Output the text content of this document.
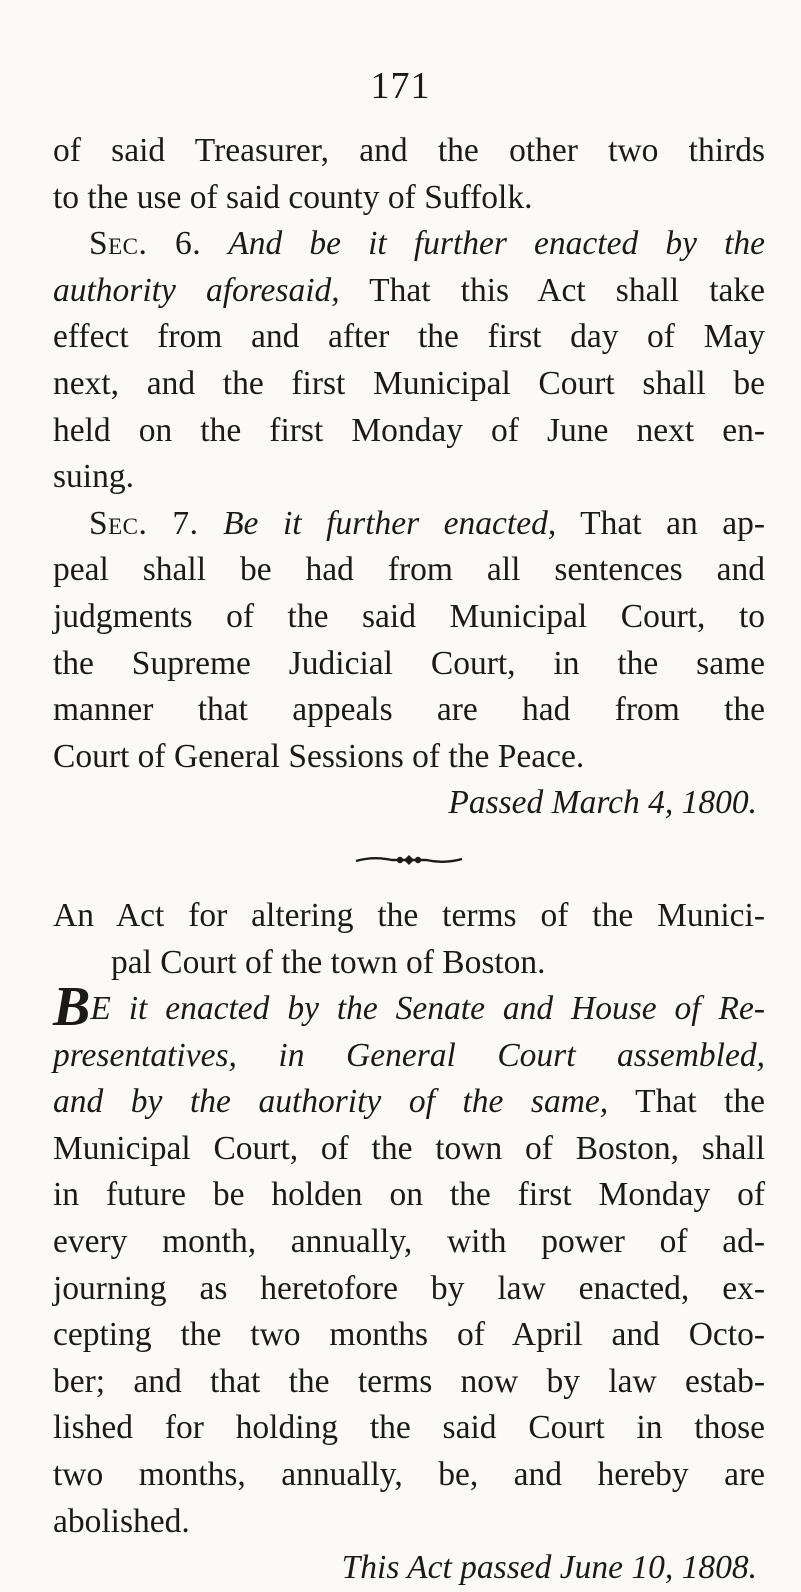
171
of said Treasurer, and the other two thirds
to the use of said county of Suffolk.
Sec. 6. And be it further enacted by the
authority aforesaid, That this Act shall take
effect from and after the first day of May
next, and the first Municipal Court shall be
held on the first Monday of June next en-
suing.
Sec. 7. Be it further enacted, That an ap-
peal shall be had from all sentences and
judgments of the said Municipal Court, to
the Supreme Judicial Court, in the same
manner that appeals are had from the
Court of General Sessions of the Peace.
Passed March 4, 1800.
An Act for altering the terms of the Munici-
pal Court of the town of Boston.
BE it enacted by the Senate and House of Re-
presentatives, in General Court assembled,
and by the authority of the same, That the
Municipal Court, of the town of Boston, shall
in future be holden on the first Monday of
every month, annually, with power of ad-
journing as heretofore by law enacted, ex-
cepting the two months of April and Octo-
ber; and that the terms now by law estab-
lished for holding the said Court in those
two months, annually, be, and hereby are
abolished.
This Act passed June 10, 1808.
